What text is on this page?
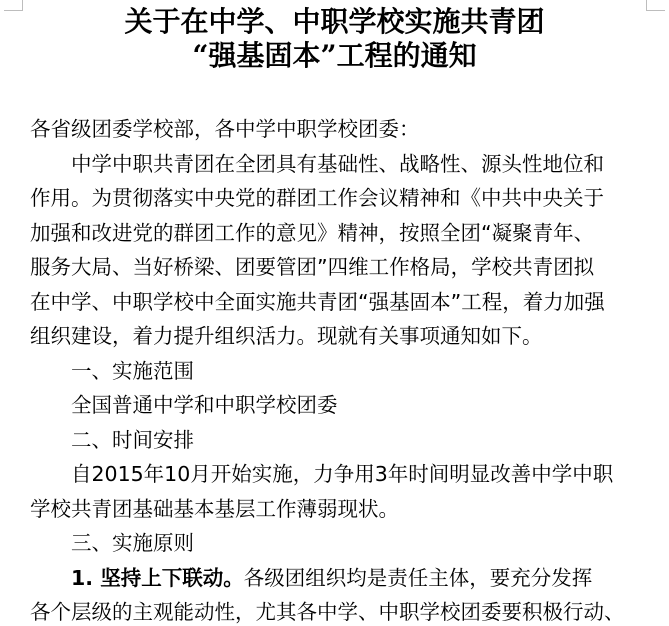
关于在中学、中职学校实施共青团
“强基固本”工程的通知
各省级团委学校部，各中学中职学校团委：
中学中职共青团在全团具有基础性、战略性、源头性地位和
作用。为贯彻落实中央党的群团工作会议精神和《中共中央关于
加强和改进党的群团工作的意见》精神，按照全团“凝聚青年、
服务大局、当好桥梁、团要管团”四维工作格局，学校共青团拟
在中学、中职学校中全面实施共青团“强基固本”工程，着力加强
组织建设，着力提升组织活力。现就有关事项通知如下。
一、实施范围
全国普通中学和中职学校团委
二、时间安排
自2015年10月开始实施，力争用3年时间明显改善中学中职
学校共青团基础基本基层工作薄弱现状。
三、实施原则
1. 坚持上下联动。各级团组织均是责任主体，要充分发挥
各个层级的主观能动性，尤其各中学、中职学校团委要积极行动、
